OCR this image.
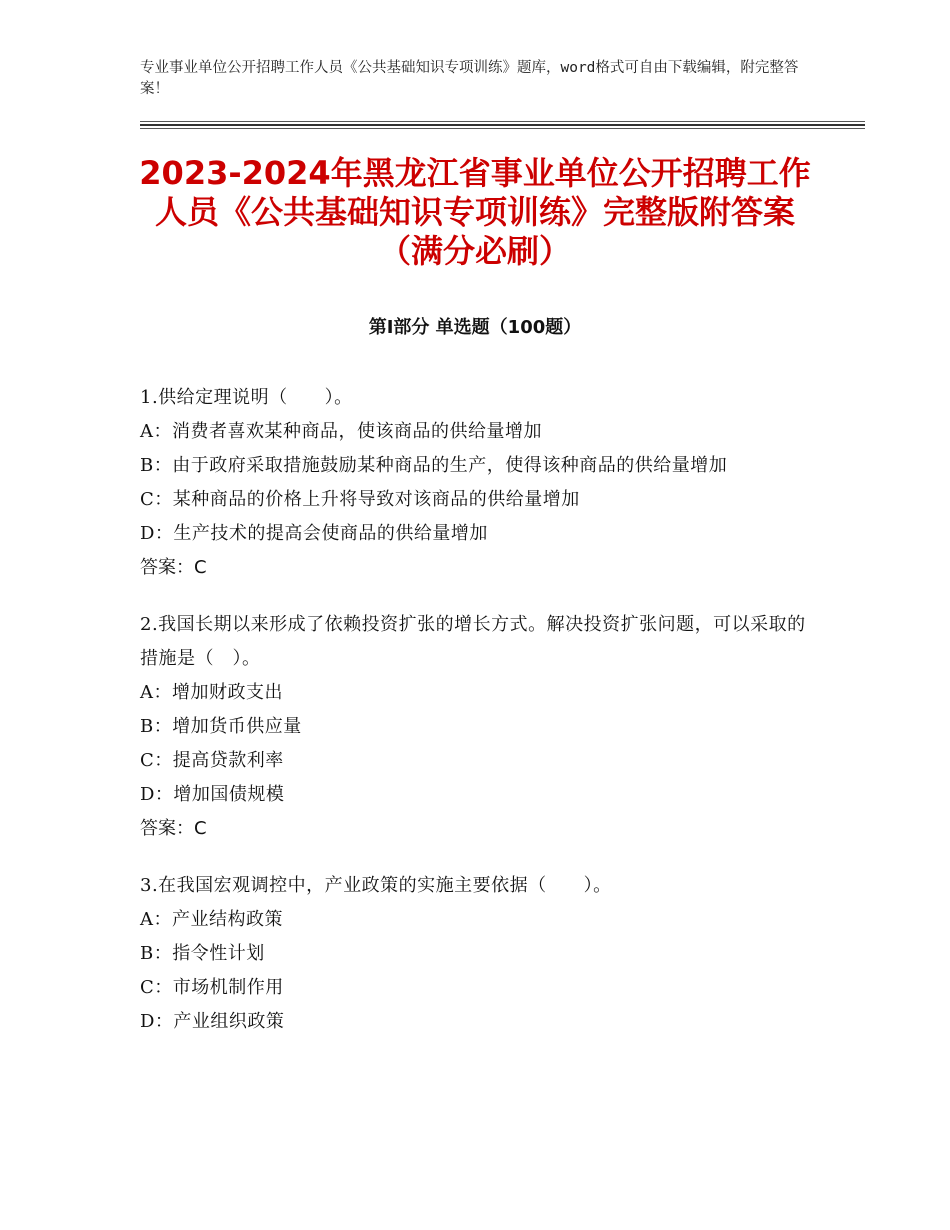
专业事业单位公开招聘工作人员《公共基础知识专项训练》题库，word格式可自由下载编辑，附完整答案！
2023-2024年黑龙江省事业单位公开招聘工作人员《公共基础知识专项训练》完整版附答案（满分必刷）
第Ⅰ部分 单选题（100题）
1.供给定理说明（　　）。
A：消费者喜欢某种商品，使该商品的供给量增加
B：由于政府采取措施鼓励某种商品的生产，使得该种商品的供给量增加
C：某种商品的价格上升将导致对该商品的供给量增加
D：生产技术的提高会使商品的供给量增加
答案：C
2.我国长期以来形成了依赖投资扩张的增长方式。解决投资扩张问题，可以采取的措施是（　）。
A：增加财政支出
B：增加货币供应量
C：提高贷款利率
D：增加国债规模
答案：C
3.在我国宏观调控中，产业政策的实施主要依据（　　）。
A：产业结构政策
B：指令性计划
C：市场机制作用
D：产业组织政策
